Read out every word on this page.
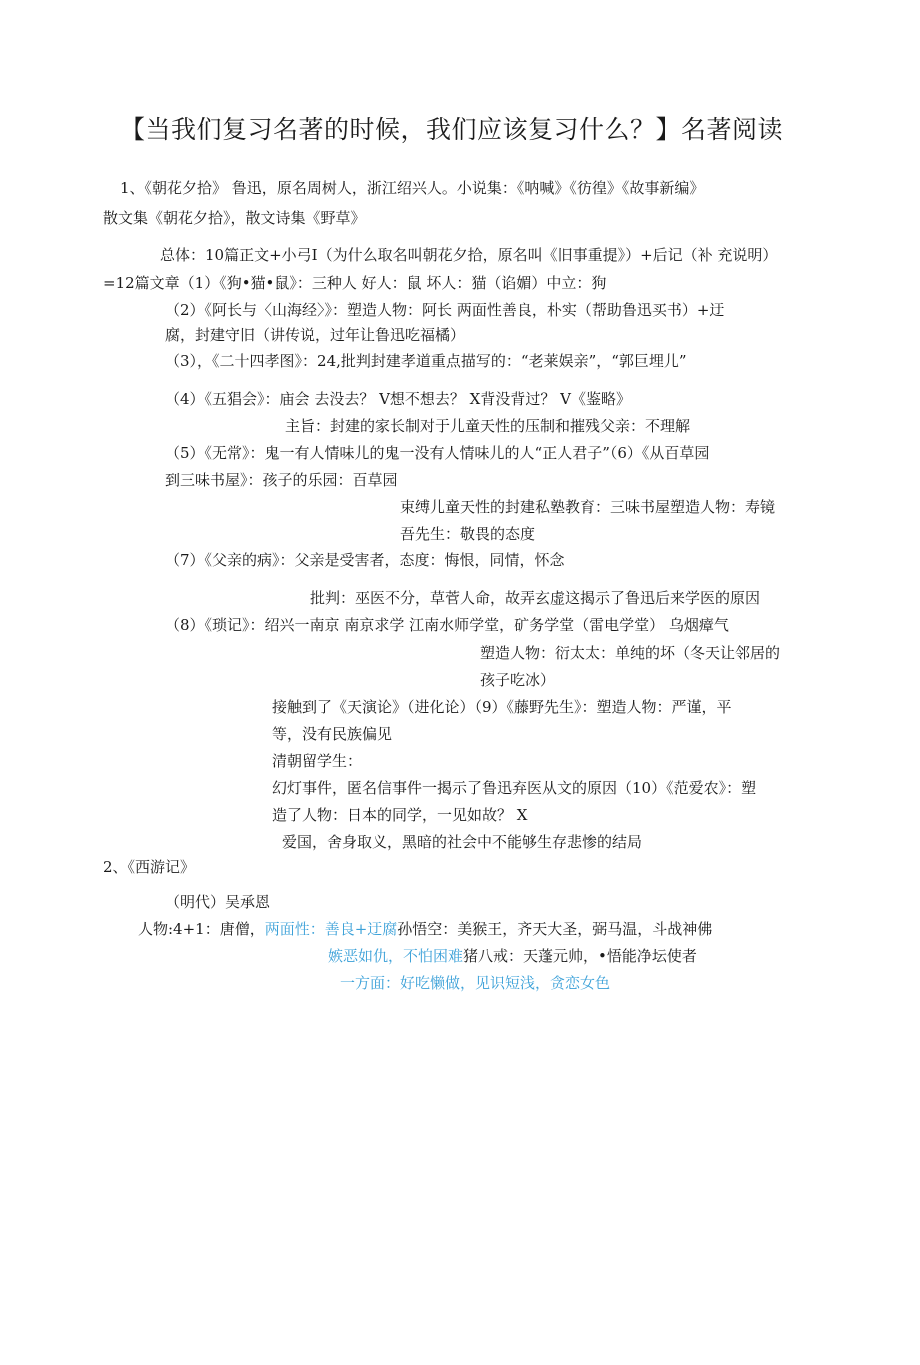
【当我们复习名著的时候，我们应该复习什么？】名著阅读
1、《朝花夕拾》 鲁迅，原名周树人，浙江绍兴人。小说集：《呐喊》《彷徨》《故事新编》
散文集《朝花夕拾》，散文诗集《野草》
总体：10篇正文+小弓I（为什么取名叫朝花夕拾，原名叫《旧事重提》）+后记（补 充说明）
=12篇文章（1）《狗•猫•鼠》：三种人 好人：鼠 坏人：猫（谄媚）中立：狗
（2）《阿长与〈山海经〉》：塑造人物：阿长 两面性善良，朴实（帮助鲁迅买书）+迂
腐，封建守旧（讲传说，过年让鲁迅吃福橘）
（3），《二十四孝图》：24,批判封建孝道重点描写的：“老莱娱亲”，“郭巨埋儿”
（4）《五猖会》：庙会 去没去？ V想不想去？ X背没背过？ V《鉴略》
主旨：封建的家长制对于儿童天性的压制和摧残父亲：不理解
（5）《无常》：鬼一有人情味儿的鬼一没有人情味儿的人“正人君子”（6）《从百草园
到三味书屋》：孩子的乐园：百草园
束缚儿童天性的封建私塾教育：三味书屋塑造人物：寿镜
吾先生：敬畏的态度
（7）《父亲的病》：父亲是受害者，态度：悔恨，同情，怀念
批判：巫医不分，草菅人命，故弄玄虚这揭示了鲁迅后来学医的原因
（8）《琐记》：绍兴一南京 南京求学 江南水师学堂，矿务学堂（雷电学堂） 乌烟瘴气
塑造人物：衍太太：单纯的坏（冬天让邻居的
孩子吃冰）
接触到了《天演论》（进化论）（9）《藤野先生》：塑造人物：严谨，平
等，没有民族偏见
清朝留学生：
幻灯事件，匿名信事件一揭示了鲁迅弃医从文的原因（10）《范爱农》：塑
造了人物：日本的同学，一见如故？ X
爱国，舍身取义，黑暗的社会中不能够生存悲惨的结局
2、《西游记》
（明代）吴承恩
人物:4+1：唐僧，两面性：善良+迂腐孙悟空：美猴王，齐天大圣，弼马温，斗战神佛
嫉恶如仇，不怕困难猪八戒：天蓬元帅，•悟能净坛使者
一方面：好吃懒做，见识短浅，贪恋女色
